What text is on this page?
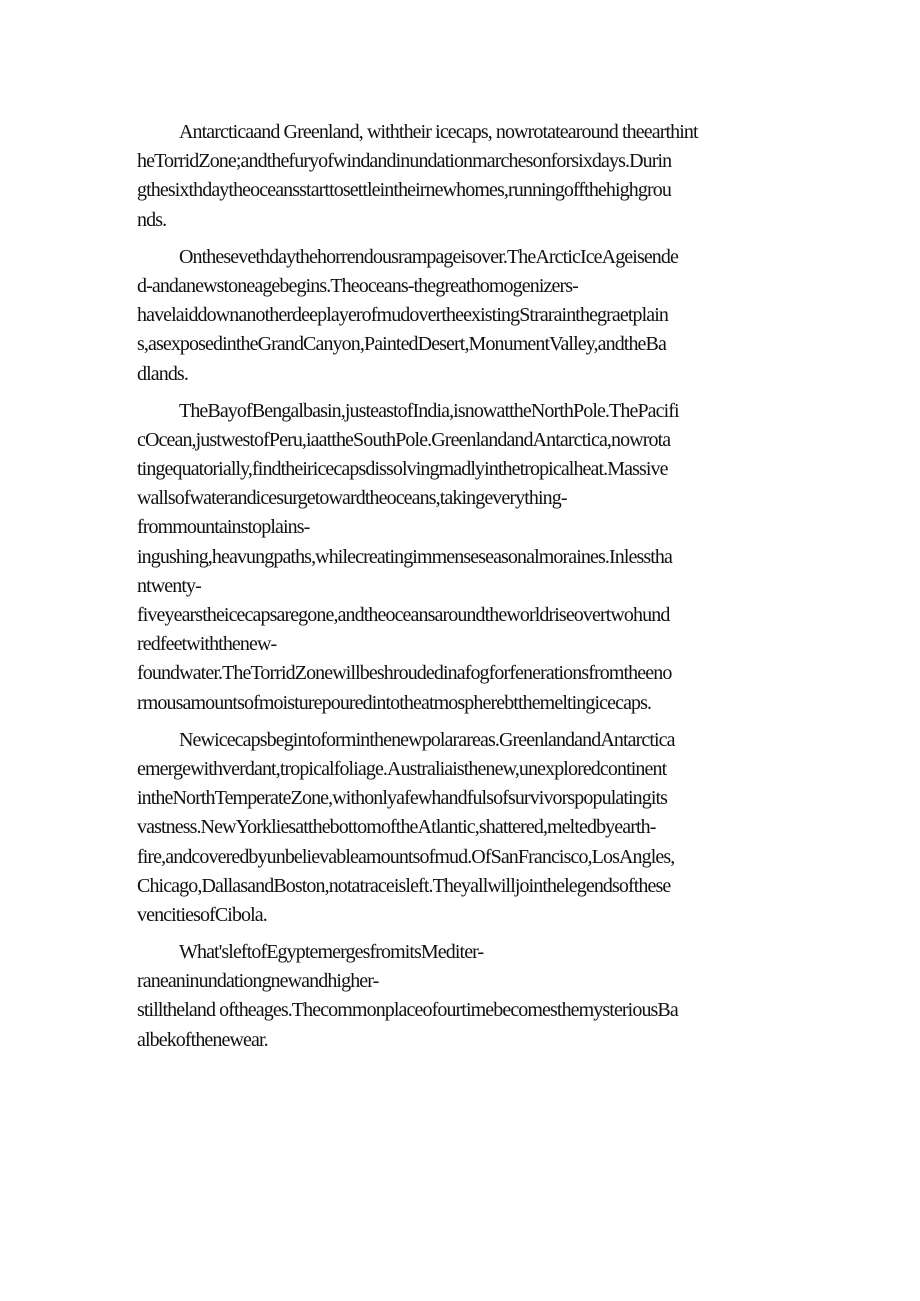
Antarcticaand Greenland, withtheir icecaps, nowrotatearound theearthint
heTorridZone;andthefuryofwindandinundationmarchesonforsixdays.Durin
gthesixthdaytheoceansstarttosettleintheirnewhomes,runningoffthehighgrou
nds.
Onthesevethdaythehorrendousrampageisover.TheArcticIceAgeisende
d-andanewstoneagebegins.Theoceans-thegreathomogenizers-
havelaiddownanotherdeeplayerofmudovertheexistingStrarainthegraetplain
s,asexposedintheGrandCanyon,PaintedDesert,MonumentValley,andtheBa
dlands.
TheBayofBengalbasin,justeastofIndia,isnowattheNorthPole.ThePacifi
cOcean,justwestofPeru,iaattheSouthPole.GreenlandandAntarctica,nowrota
tingequatorially,findtheiricecapsdissolvingmadlyinthetropicalheat.Massive
wallsofwaterandicesurgetowardtheoceans,takingeverything-
frommountainstoplains-
ingushing,heavungpaths,whilecreatingimmenseseasonalmoraines.Inlesstha
ntwenty-
fiveyearstheicecapsaregone,andtheoceansaroundtheworldriseovertwohund
redfeetwiththenew-
foundwater.TheTorridZonewillbeshroudedinafogforfenerationsfromtheeno
rmousamountsofmoisturepouredintotheatmospherebtthemeltingicecaps.
Newicecapsbegintoforminthenewpolarareas.GreenlandandAntarctica
emergewithverdant,tropicalfoliage.Australiaisthenew,unexploredcontinent
intheNorthTemperateZone,withonlyafewhandfulsofsurvivorspopulatingits
vastness.NewYorkliesatthebottomoftheAtlantic,shattered,meltedbyearth-
fire,andcoveredbyunbelievableamountsofmud.OfSanFrancisco,LosAngles,
Chicago,DallasandBoston,notatraceisleft.Theyallwilljointhelegendsofthese
vencitiesofCibola.
What'sleftofEgyptemergesfromitsMediter-
raneaninundationgnewandhigher-
stilltheland oftheages.ThecommonplaceofourtimebecomesthemysteriousBa
albekofthenewear.
